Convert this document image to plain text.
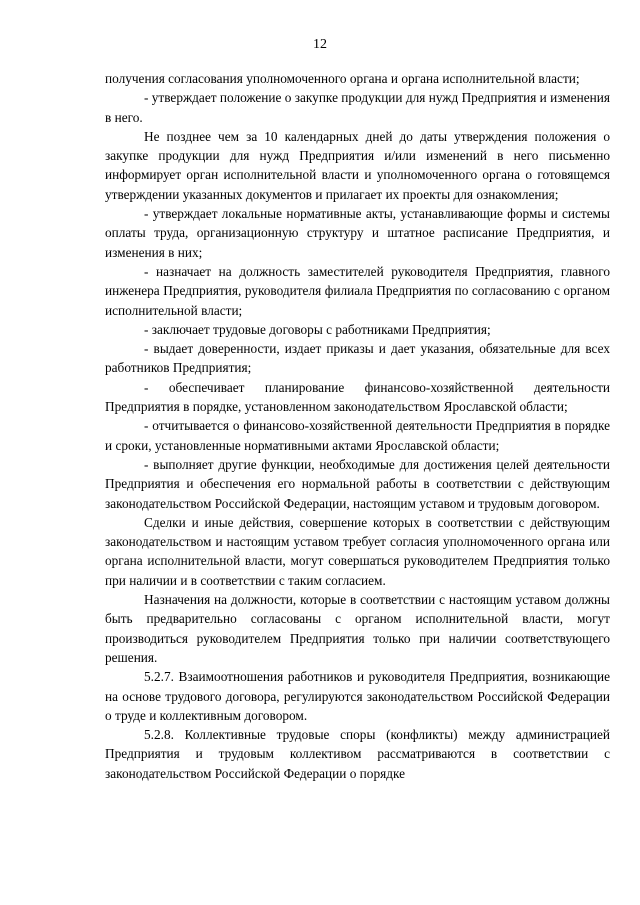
12

получения согласования уполномоченного органа и органа исполнительной власти;

- утверждает положение о закупке продукции для нужд Предприятия и изменения в него.

Не позднее чем за 10 календарных дней до даты утверждения положения о закупке продукции для нужд Предприятия и/или изменений в него письменно информирует орган исполнительной власти и уполномоченного органа о готовящемся утверждении указанных документов и прилагает их проекты для ознакомления;

- утверждает локальные нормативные акты, устанавливающие формы и системы оплаты труда, организационную структуру и штатное расписание Предприятия, и изменения в них;

- назначает на должность заместителей руководителя Предприятия, главного инженера Предприятия, руководителя филиала Предприятия по согласованию с органом исполнительной власти;

- заключает трудовые договоры с работниками Предприятия;

- выдает доверенности, издает приказы и дает указания, обязательные для всех работников Предприятия;

- обеспечивает планирование финансово-хозяйственной деятельности Предприятия в порядке, установленном законодательством Ярославской области;

- отчитывается о финансово-хозяйственной деятельности Предприятия в порядке и сроки, установленные нормативными актами Ярославской области;

- выполняет другие функции, необходимые для достижения целей деятельности Предприятия и обеспечения его нормальной работы в соответствии с действующим законодательством Российской Федерации, настоящим уставом и трудовым договором.

Сделки и иные действия, совершение которых в соответствии с действующим законодательством и настоящим уставом требует согласия уполномоченного органа или органа исполнительной власти, могут совершаться руководителем Предприятия только при наличии и в соответствии с таким согласием.

Назначения на должности, которые в соответствии с настоящим уставом должны быть предварительно согласованы с органом исполнительной власти, могут производиться руководителем Предприятия только при наличии соответствующего решения.

5.2.7. Взаимоотношения работников и руководителя Предприятия, возникающие на основе трудового договора, регулируются законодательством Российской Федерации о труде и коллективным договором.

5.2.8. Коллективные трудовые споры (конфликты) между администрацией Предприятия и трудовым коллективом рассматриваются в соответствии с законодательством Российской Федерации о порядке
